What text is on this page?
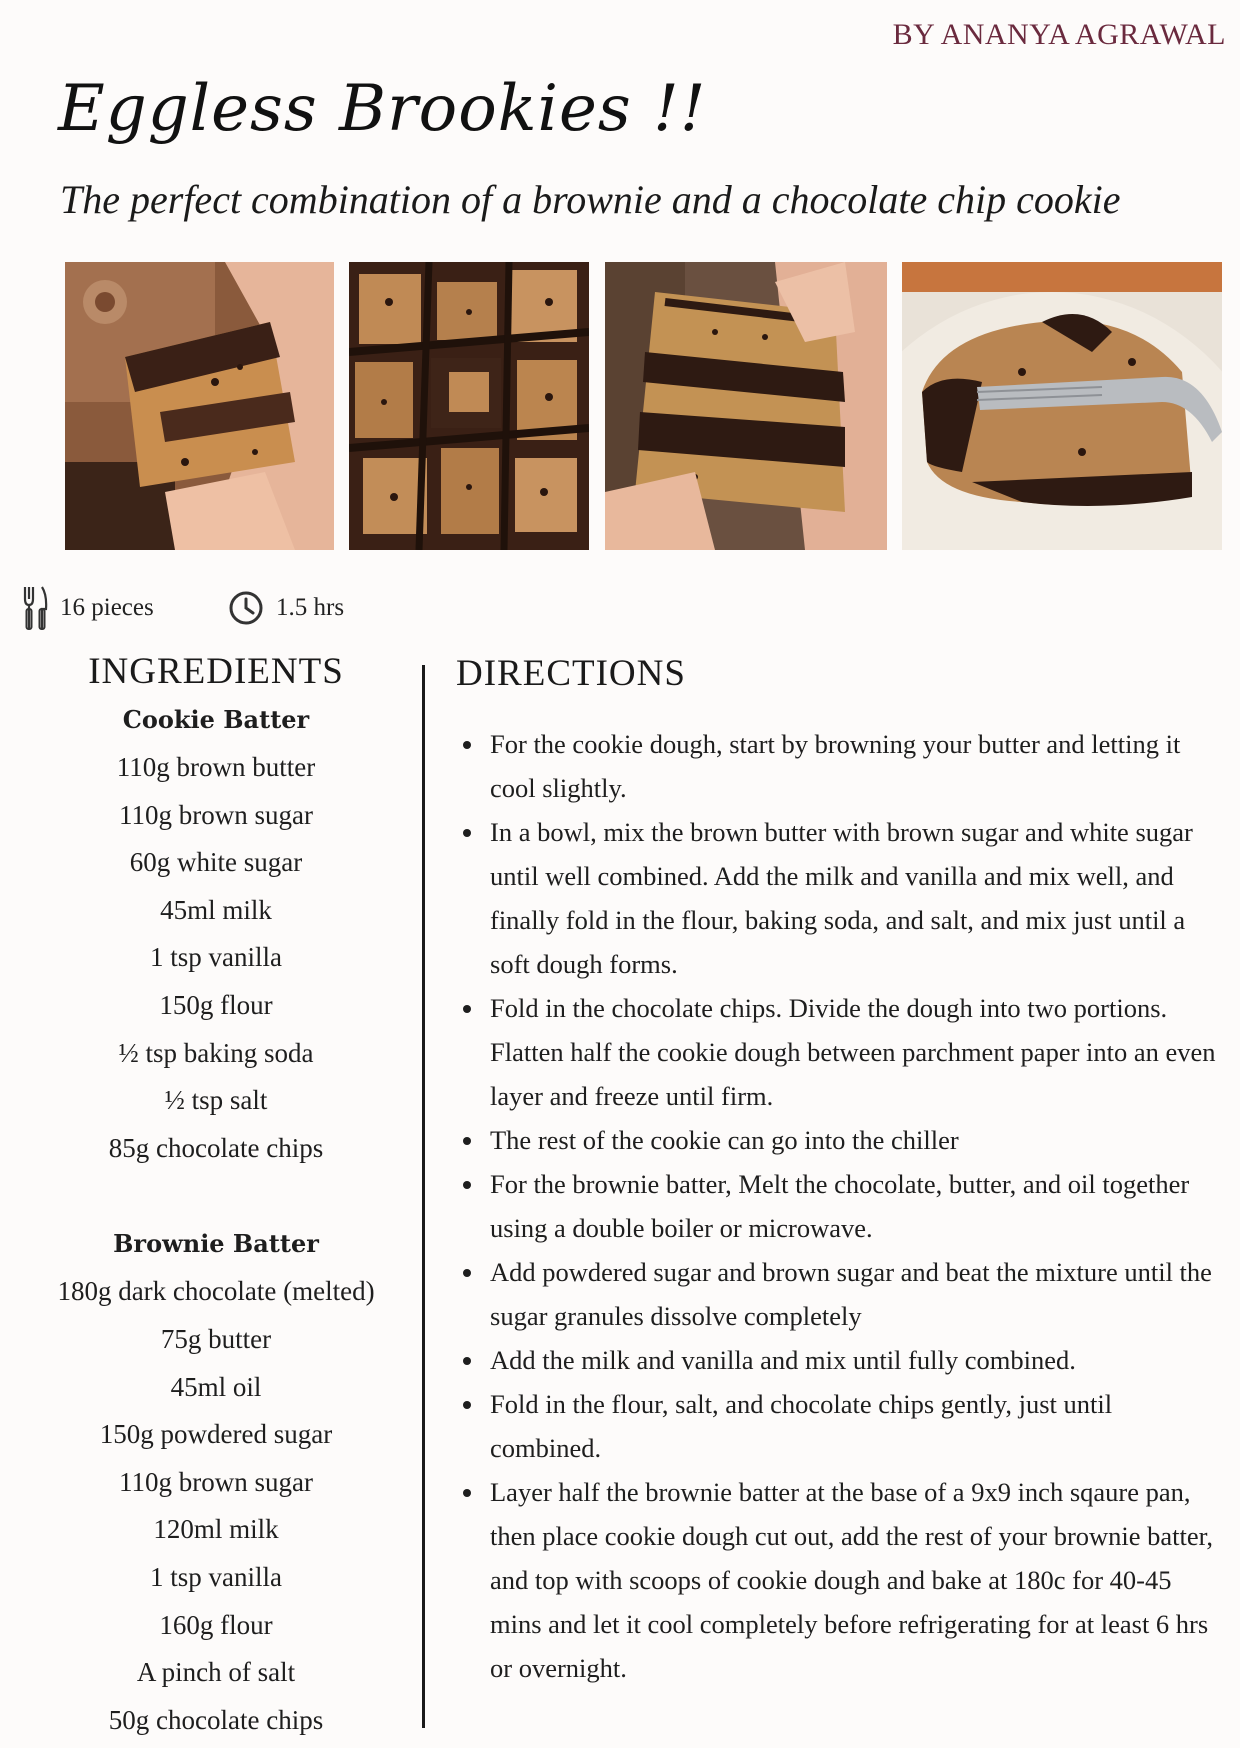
BY ANANYA AGRAWAL
Eggless Brookies !!
The perfect combination of a brownie and a chocolate chip cookie
16 pieces	1.5 hrs
INGREDIENTS
Cookie Batter
110g brown butter
110g brown sugar
60g white sugar
45ml milk
1 tsp vanilla
150g flour
½ tsp baking soda
½ tsp salt
85g chocolate chips
Brownie Batter
180g dark chocolate (melted)
75g butter
45ml oil
150g powdered sugar
110g brown sugar
120ml milk
1 tsp vanilla
160g flour
A pinch of salt
50g chocolate chips
DIRECTIONS
• For the cookie dough, start by browning your butter and letting it cool slightly.
• In a bowl, mix the brown butter with brown sugar and white sugar until well combined. Add the milk and vanilla and mix well, and finally fold in the flour, baking soda, and salt, and mix just until a soft dough forms.
• Fold in the chocolate chips. Divide the dough into two portions. Flatten half the cookie dough between parchment paper into an even layer and freeze until firm.
• The rest of the cookie can go into the chiller
• For the brownie batter, Melt the chocolate, butter, and oil together using a double boiler or microwave.
• Add powdered sugar and brown sugar and beat the mixture until the sugar granules dissolve completely
• Add the milk and vanilla and mix until fully combined.
• Fold in the flour, salt, and chocolate chips gently, just until combined.
• Layer half the brownie batter at the base of a 9x9 inch sqaure pan, then place cookie dough cut out, add the rest of your brownie batter, and top with scoops of cookie dough and bake at 180c for 40-45 mins and let it cool completely before refrigerating for at least 6 hrs or overnight.
